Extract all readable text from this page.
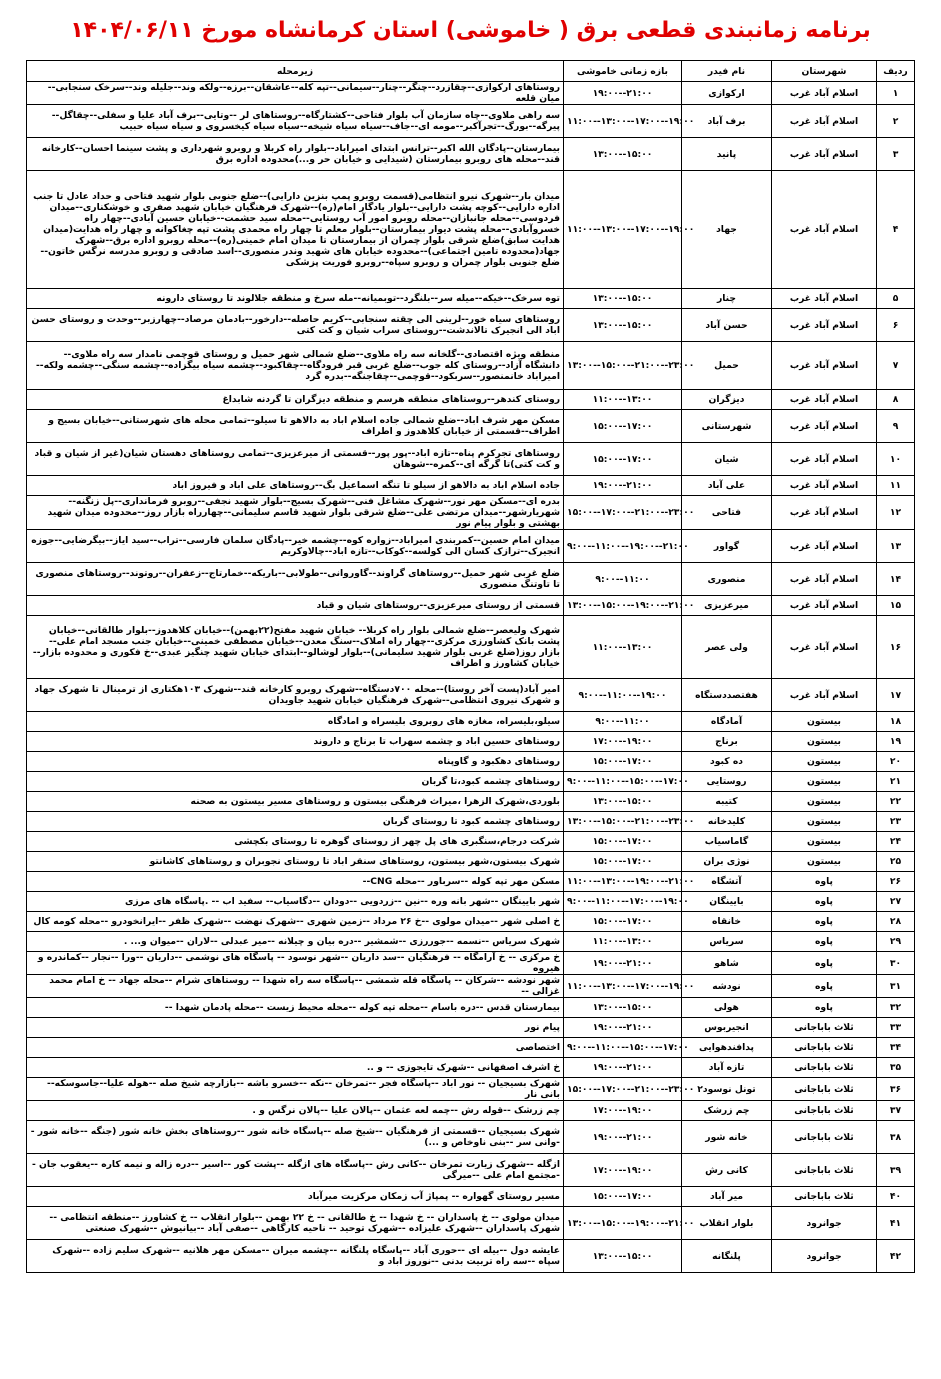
برنامه زمانبندی قطعی برق ( خاموشی) استان کرمانشاه مورخ ۱۴۰۴/۰۶/۱۱
ردیف	شهرستان	نام فیدر	بازه زمانی خاموشی	زیرمحله
۱	اسلام آباد غرب	ارکوازی	۱۹:۰۰--۲۱:۰۰	روستاهای ارکوازی--چقازرد--چنگر--چنار--سیمانی--تپه کله--عاشقان--برزه--ولکه وند--جلیله وند--سرخک سنجابی--میان قلعه
۲	اسلام آباد غرب	برف آباد	۱۱:۰۰--۱۳:۰۰--۱۷:۰۰--۱۹:۰۰	سه راهی ملاوی--چاه سازمان آب بلوار فتاحی--کشتارگاه--روستاهای لر --وتایی--برف آباد علیا و سفلی--چقاگل--پیرگه--بورگ--تجرآکبر--مومه ای--جاف--سیاه سیاه شیخه--سیاه سیاه کیخسروی و سیاه سیاه حبیب
۳	اسلام آباد غرب	پانید	۱۳:۰۰--۱۵:۰۰	بیمارستان--پادگان الله اکبر--ترانس ابتدای امیراباد--بلوار راه کربلا و روبرو شهرداری و پشت سینما احسان--کارخانه قند--محله های روبرو بیمارستان (شیدایی و خیابان حر و...)محدوده اداره برق
۴	اسلام آباد غرب	جهاد	۱۱:۰۰--۱۳:۰۰--۱۷:۰۰--۱۹:۰۰	میدان بار--شهرک نیرو انتظامی(قسمت روبرو پمپ بنزین دارایی)--ضلع جنوبی بلوار شهید فتاحی و حداد عادل تا جنب اداره دارایی--کوچه پشت دارایی--بلوار یادگار امام(ره)--شهرک فرهنگیان خیابان شهید صفری و خوشکناری--میدان فردوسی--محله جانبازان--محله روبرو امور آب روستایی--محله سید حشمت--خیابان حسین آبادی--چهار راه خسروآبادی--محله پشت دیوار بیمارستان--بلوار معلم تا چهار راه محمدی پشت تپه چغاکوانه و چهار راه هدایت(میدان هدایت سابق)ضلع شرقی بلوار چمران از بیمارستان تا میدان امام خمینی(ره)--محله روبرو اداره برق--شهرک جهاد(محدوده تامین اجتماعی)--محدوده خیابان های شهید وندر منصوری--اسد صادقی و روبرو مدرسه نرگس خاتون--ضلع جنوبی بلوار چمران و روبرو سپاه--روبرو فوریت پزشکی
۵	اسلام آباد غرب	چنار	۱۳:۰۰--۱۵:۰۰	توه سرخک--خیکه--میله سر--بلنگرد--توبمیانه--مله سرخ و منطقه جلالوند تا روستای دارونه
۶	اسلام آباد غرب	حسن آباد	۱۳:۰۰--۱۵:۰۰	روستاهای سیاه خور--لرینی الی چقته سنجابی--کریم حاصله--دارخور--بادمان مرصاد--چهارزبر--وحدت و روستای حسن اباد الی انجیرک تالاندشت--روستای سراب شیان و کت کتی
۷	اسلام آباد غرب	حمیل	۱۳:۰۰--۱۵:۰۰--۲۱:۰۰--۲۳:۰۰	منطقه ویژه اقتصادی--گلخانه سه راه ملاوی--ضلع شمالی شهر حمیل و روستای قوچمی نامدار سه راه ملاوی--دانشگاه آزاد--روستای کله جوب--ضلع غربی قبر فرودگاه--چقاکبود--چشمه سیاه بیگزاده--چشمه سنگی--چشمه ولکه--امیراباد خانمنصور--سربکود--قوچمی--چقاجنگه--بدره گرد
۸	اسلام آباد غرب	دیزگران	۱۱:۰۰--۱۳:۰۰	روستای کندهر--روستاهای منطقه هرسم و منطقه دیزگران تا گردنه شابداغ
۹	اسلام آباد غرب	شهرستانی	۱۵:۰۰--۱۷:۰۰	مسکن مهر شرف اباد--ضلع شمالی جاده اسلام اباد به دالاهو تا سیلو--تمامی محله های شهرستانی--خیابان بسیج و اطراف--قسمتی از خیابان کلاهدوز و اطراف
۱۰	اسلام آباد غرب	شیان	۱۵:۰۰--۱۷:۰۰	روستاهای تجرکرم پناه--تازه اباد--پور پور--قسمتی از میرعزیزی--تمامی روستاهای دهستان شیان(غیر از شیان و قباد و کت کتی)تا گرگه ای--کمره--شوهان
۱۱	اسلام آباد غرب	علی آباد	۱۹:۰۰--۲۱:۰۰	جاده اسلام اباد به دالاهو از سیلو تا تنگه اسماعیل بگ--روستاهای علی اباد و فیروز اباد
۱۲	اسلام آباد غرب	فتاحی	۱۵:۰۰--۱۷:۰۰--۲۱:۰۰--۲۳:۰۰	بدره ای--مسکن مهر نور--شهرک مشاغل فنی--شهرک بسیج--بلوار شهید نجفی--روبرو فرمانداری--پل زنگنه--شهریارشهر--میدان مرتضی علی--ضلع شرقی بلوار شهید قاسم سلیمانی--چهارراه بازار روز--محدوده میدان شهید بهشتی و بلوار پیام نور
۱۳	اسلام آباد غرب	گواور	۹:۰۰--۱۱:۰۰--۱۹:۰۰--۲۱:۰۰	میدان امام حسین--کمربندی امیراباد--زواره کوه--چشمه خیر--پادگان سلمان فارسی--تراب--سید ایاز--بیگرضایی--جوزه انجیرک--ترازک کسان الی کولسه--کوکاب--تازه اباد--چالاوکریم
۱۴	اسلام آباد غرب	منصوری	۹:۰۰--۱۱:۰۰	ضلع غربی شهر حمیل--روستاهای گراوند--گاوروانی--طولابی--باریکه--خمارتاج--زعفران--روتوند--روستاهای منصوری تا تاوتنگ منصوری
۱۵	اسلام آباد غرب	میرعزیزی	۱۳:۰۰--۱۵:۰۰--۱۹:۰۰--۲۱:۰۰	قسمتی از روستای میرعزیزی--روستاهای شیان و قباد
۱۶	اسلام آباد غرب	ولی عصر	۱۱:۰۰--۱۳:۰۰	شهرک ولیعصر--ضلع شمالی بلوار راه کربلا-- خیابان شهید مفتح(۲۲بهمن)--خیابان کلاهدوز--بلوار طالقانی--خیابان پشت بانک کشاورزی مرکزی--چهار راه املاک--سنگ معدن--خیابان مصطفی خمینی--خیابان جنب مسجد امام علی--بازار روز(ضلع غربی بلوار شهید سلیمانی)--بلوار لوشالو--ابتدای خیابان شهید چنگیز عبدی--خ فکوری و محدوده بازار--خیابان کشاورز و اطراف
۱۷	اسلام آباد غرب	هفتصددستگاه	۹:۰۰--۱۱:۰۰--۱۹:۰۰	امیر آباد(پست آخر روستا)--محله ۷۰۰دستگاه--شهرک روبرو کارخانه قند--شهرک ۱۰۳هکتاری از ترمینال تا شهرک جهاد و شهرک نیروی انتظامی--شهرک فرهنگیان خیابان شهید جاویدان
۱۸	بیستون	آمادگاه	۹:۰۰--۱۱:۰۰	سیلو،بلیسراه، مغازه های روبروی بلیسراه و امادگاه
۱۹	بیستون	برناج	۱۷:۰۰--۱۹:۰۰	روستاهای حسین اباد و چشمه سهراب تا برناج و داروند
۲۰	بیستون	ده کبود	۱۵:۰۰--۱۷:۰۰	روستاهای دهکبود و گاوپناه
۲۱	بیستون	روستایی	۹:۰۰--۱۱:۰۰--۱۵:۰۰--۱۷:۰۰	روستاهای چشمه کبود،تا گربان
۲۲	بیستون	کتیبه	۱۳:۰۰--۱۵:۰۰	بلوردی،شهرک الزهرا ،میراث فرهنگی بیستون و روستاهای مسیر بیستون به صحنه
۲۳	بیستون	کلیدخانه	۱۳:۰۰--۱۵:۰۰--۲۱:۰۰--۲۳:۰۰	روستاهای چشمه کبود تا روستای گربان
۲۴	بیستون	گاماسیاب	۱۵:۰۰--۱۷:۰۰	شرکت درجام،سنگبری های پل چهر از روستای گوهره تا روستای بکچشی
۲۵	بیستون	نوژی بران	۱۵:۰۰--۱۷:۰۰	شهرک بیستون،شهر بیستون، روستاهای سنقر اباد تا روستای نجوبران و روستاهای کاشانتو
۲۶	پاوه	آتشگاه	۱۱:۰۰--۱۳:۰۰--۱۹:۰۰--۲۱:۰۰	مسکن مهر تپه کوله --سرباور --محله CNG--
۲۷	پاوه	بایینگان	۹:۰۰--۱۱:۰۰--۱۷:۰۰--۱۹:۰۰	شهر بایینگان --شهر بانه وره --نین --زردویی --دودان --دگاسیاب-- سفید اب -- .پاسگاه های مرزی
۲۸	پاوه	خانقاه	۱۵:۰۰--۱۷:۰۰	خ اصلی شهر --میدان مولوی --خ ۲۶ مرداد --زمین شهری --شهرک نهضت --شهرک ظفر --ایرانخودرو --محله کومه کال
۲۹	پاوه	سریاس	۱۱:۰۰--۱۳:۰۰	شهرک سریاس --نسمه --جوررزی --شمشیر --دره بیان و چیلانه --میر عبدلی --لاران --میوان و... .
۳۰	پاوه	شاهو	۱۹:۰۰--۲۱:۰۰	خ مرکزی -- خ آرامگاه -- فرهنگیان --سد داریان --شهر نوسود -- پاسگاه های نوشمی --داریان --ورا --نجار --کماندره و هیروه
۳۱	پاوه	نودشه	۱۱:۰۰--۱۳:۰۰--۱۷:۰۰--۱۹:۰۰	شهر نودشه --شرکان -- پاسگاه قله شمشی --پاسگاه سه راه شهدا -- روستاهای شرام --محله جهاد -- خ امام محمد غزالی --
۳۲	پاوه	هولی	۱۳:۰۰--۱۵:۰۰	بیمارستان قدس --دره باسام --محله تپه کوله --محله محیط زیست --محله پادمان شهدا --
۳۳	ثلاث باباجانی	انجیربوس	۱۹:۰۰--۲۱:۰۰	پیام نور
۳۴	ثلاث باباجانی	پدافندهوایی	۹:۰۰--۱۱:۰۰--۱۵:۰۰--۱۷:۰۰	اختصاصی
۳۵	ثلاث باباجانی	تازه آباد	۱۹:۰۰--۲۱:۰۰	خ اشرف اصفهانی --شهرک تایجوزی -- و ..
۳۶	ثلاث باباجانی	تونل نوسود۲	۱۵:۰۰--۱۷:۰۰--۲۱:۰۰--۲۳:۰۰	شهرک بسیجیان -- نور اباد --پاسگاه فجر --تمرخان --نکه --خسرو باشه --بازارچه شیخ صله --هوله علیا--جاسوسکه--بانی نار
۳۷	ثلاث باباجانی	چم زرشک	۱۷:۰۰--۱۹:۰۰	چم زرشک --قوله رش --چمه لعه عثمان --پالان علیا --پالان نرگس و .
۳۸	ثلاث باباجانی	خانه شور	۱۹:۰۰--۲۱:۰۰	شهرک بسیجیان --قسمتی از فرهنگیان --شیخ صله --پاسگاه خانه شور --روستاهای بخش خانه شور (جنگه --خانه شور --وانی سر --بنی ناوخاص و ...)
۳۹	ثلاث باباجانی	کانی رش	۱۷:۰۰--۱۹:۰۰	ازگله --شهرک زیارت تمرخان --کانی رش --پاسگاه های ازگله --پشت کور --اسیر --دره زاله و نیمه کاره --یعقوب جان --مجتمع امام علی --میرگی
۴۰	ثلاث باباجانی	میر آباد	۱۵:۰۰--۱۷:۰۰	مسیر روستای گهواره -- پمپاژ آب زمکان مرکزیت میرآباد
۴۱	جوانرود	بلوار انقلاب	۱۳:۰۰--۱۵:۰۰--۱۹:۰۰--۲۱:۰۰	میدان مولوی -- خ پاسداران -- خ شهدا -- خ طالقانی -- خ ۲۲ بهمن --بلوار انقلاب -- خ کشاورز --منطقه انتظامی --شهرک پاسداران --شهرک علیزاده --شهرک توحید -- ناحیه کارگاهی --صفی آباد --بیانیوش --شهرک صنعتی
۴۲	جوانرود	پلنگانه	۱۳:۰۰--۱۵:۰۰	عایشه دول --بیله ای --حوری آباد --پاسگاه پلنگانه --چشمه میران --مسکن مهر هلانیه --شهرک سلیم زاده --شهرک سپاه --سه راه تربیت بدنی --نوروز اباد و
